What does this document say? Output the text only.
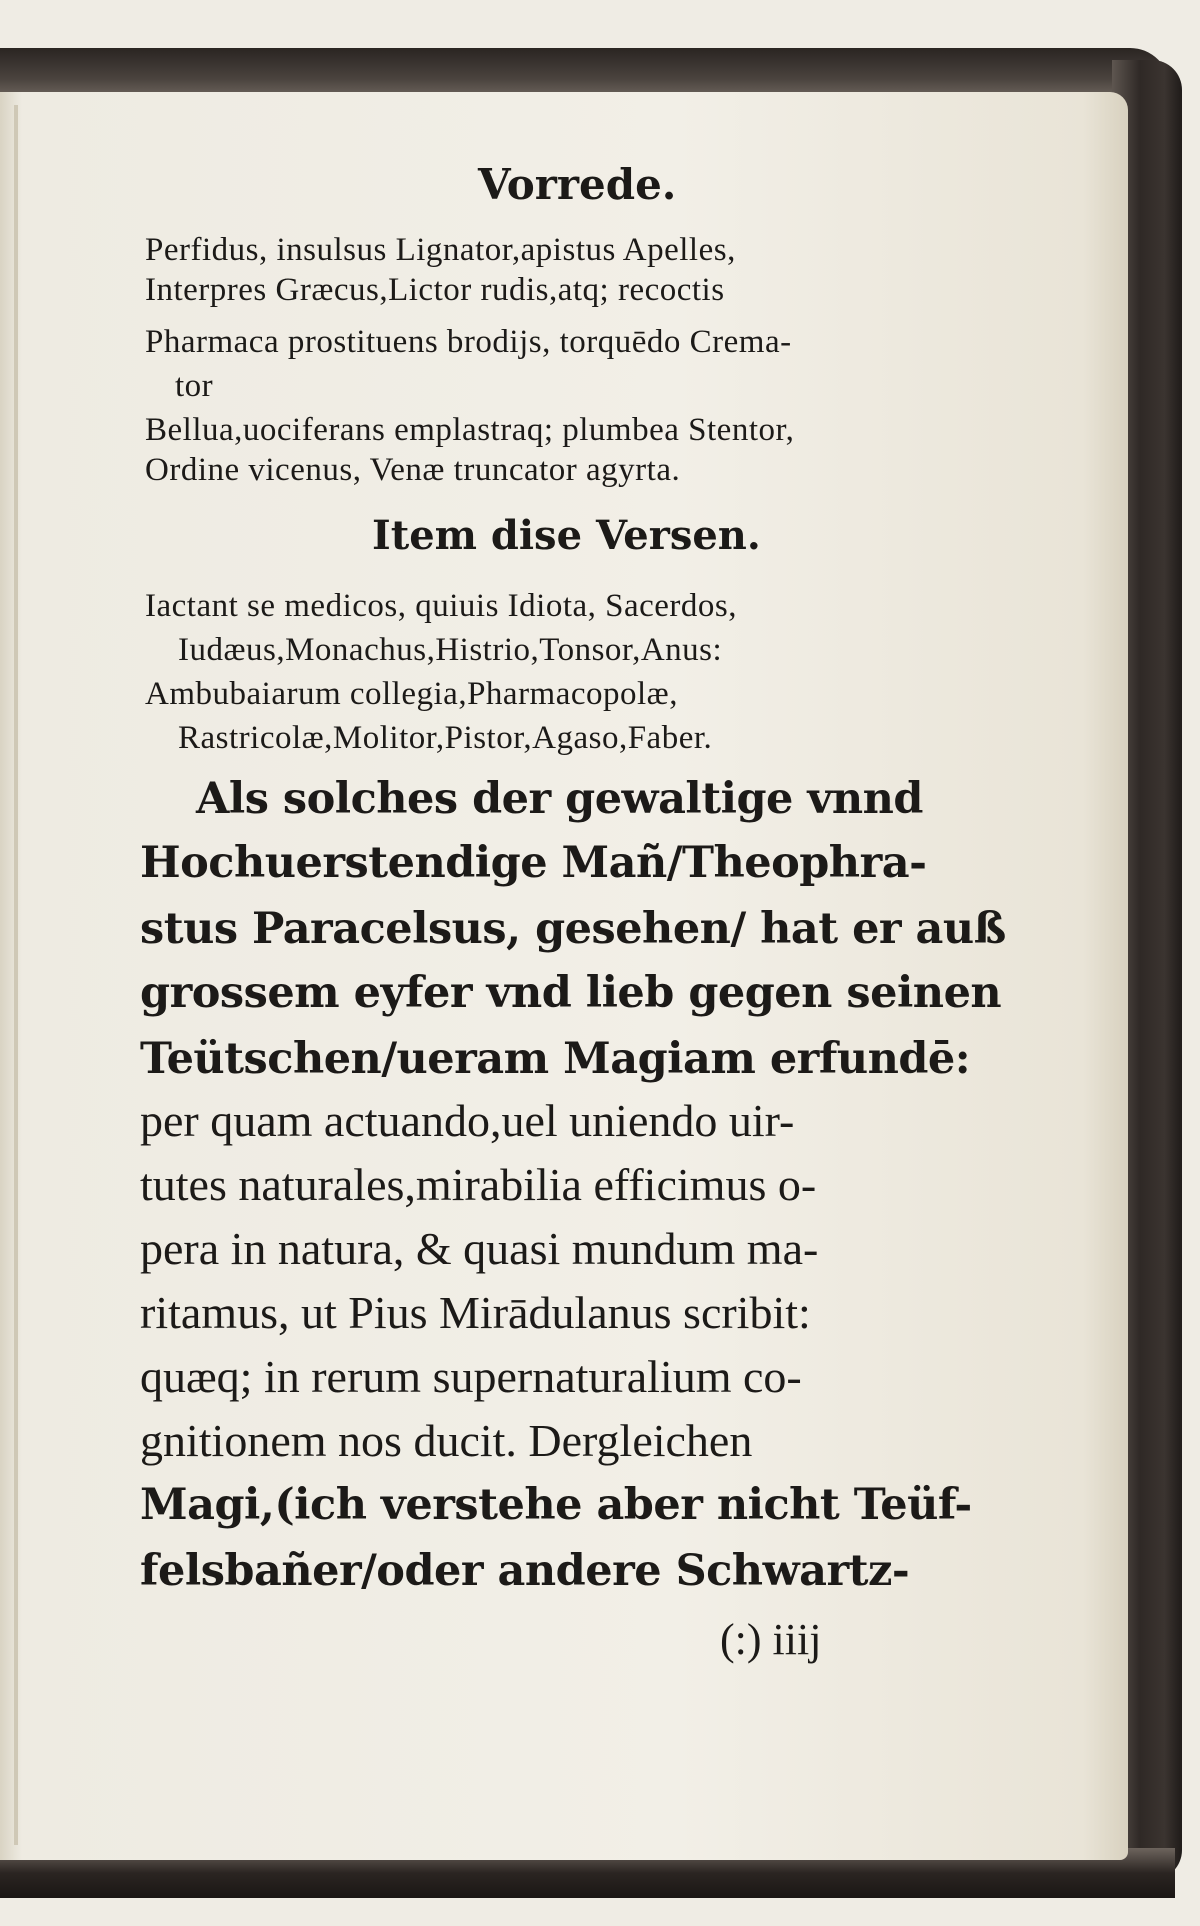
Vorrede.
Perfidus, insulsus Lignator,apistus Apelles,
Interpres Græcus,Lictor rudis,atq; recoctis
Pharmaca prostituens brodijs, torquēdo Crema-
tor
Bellua,uociferans emplastraq; plumbea Stentor,
Ordine vicenus, Venæ truncator agyrta.
Item dise Versen.
Iactant se medicos, quiuis Idiota, Sacerdos,
Iudæus,Monachus,Histrio,Tonsor,Anus:
Ambubaiarum collegia,Pharmacopolæ,
Rastricolæ,Molitor,Pistor,Agaso,Faber.
Als solches der gewaltige vnnd
Hochuerstendige Mañ/Theophra-
stus Paracelsus, gesehen/ hat er auß
grossem eyfer vnd lieb gegen seinen
Teütschen/ueram Magiam erfundē:
per quam actuando,uel uniendo uir-
tutes naturales,mirabilia efficimus o-
pera in natura, & quasi mundum ma-
ritamus, ut Pius Mirādulanus scribit:
quæq; in rerum supernaturalium co-
gnitionem nos ducit. Dergleichen
Magi,(ich verstehe aber nicht Teüf-
felsbañer/oder andere Schwartz-
(:) iiij
